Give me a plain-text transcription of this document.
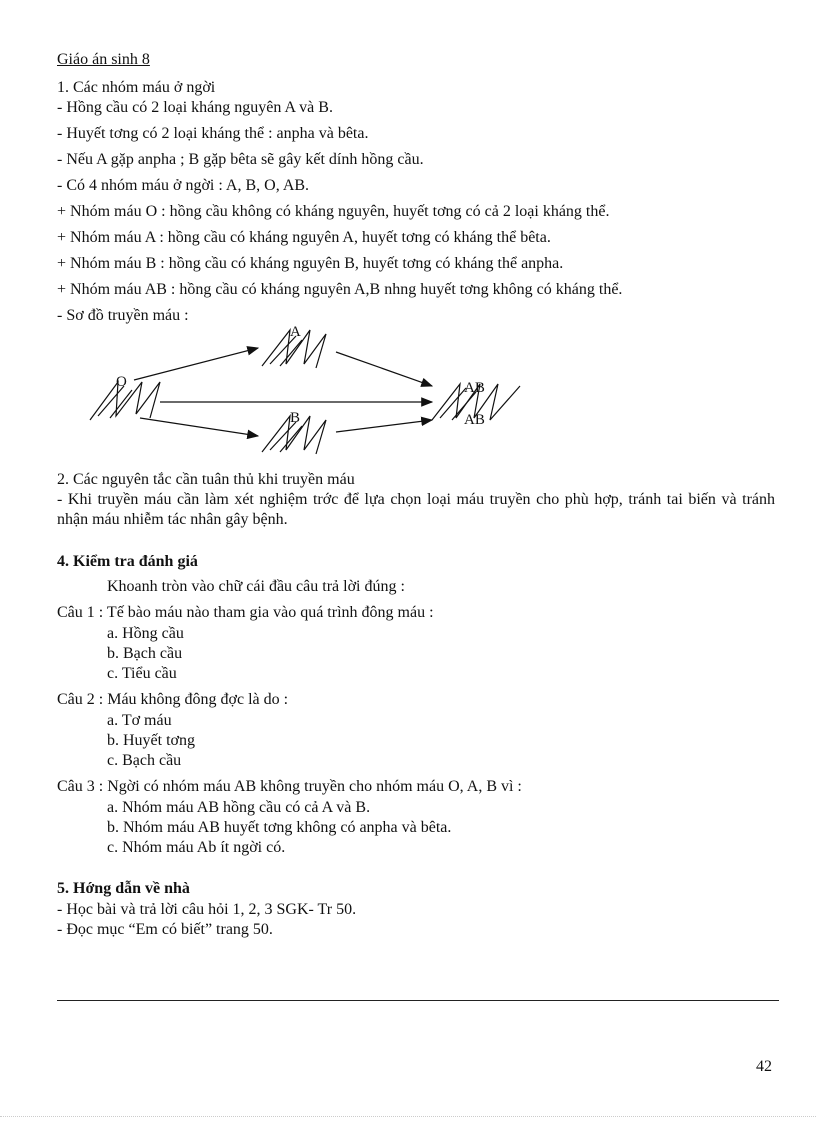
Giáo án sinh 8
1. Các nhóm máu ở ngời
- Hồng cầu có 2 loại kháng nguyên A và B.
- Huyết tơng có 2 loại kháng thể : anpha và bêta.
- Nếu A gặp anpha ; B gặp bêta sẽ gây kết dính hồng cầu.
- Có 4 nhóm máu ở ngời : A, B, O, AB.
+ Nhóm máu O : hồng cầu không có kháng nguyên, huyết tơng có cả 2 loại kháng thể.
+ Nhóm máu A : hồng cầu có kháng nguyên A, huyết tơng có kháng thể bêta.
+ Nhóm máu B : hồng cầu có kháng nguyên B, huyết tơng có kháng thể anpha.
+ Nhóm máu AB : hồng cầu có kháng nguyên A,B nhng huyết tơng không có kháng thể.
- Sơ đồ truyền máu :
O
A
B
AB
AB
2. Các nguyên tắc cần tuân thủ khi truyền máu
- Khi truyền máu cần làm xét nghiệm trớc để lựa chọn loại máu truyền cho phù hợp, tránh tai biến và tránh nhận máu nhiễm tác nhân gây bệnh.
4. Kiểm tra đánh giá
Khoanh tròn vào chữ cái đầu câu trả lời đúng :
Câu 1 : Tế bào máu nào tham gia vào quá trình đông máu :
a. Hồng cầu
b. Bạch cầu
c. Tiểu cầu
Câu 2 : Máu không đông đợc là do :
a. Tơ máu
b. Huyết tơng
c. Bạch cầu
Câu 3 : Ngời có nhóm máu AB không truyền cho nhóm máu O, A, B vì :
a. Nhóm máu AB hồng cầu có cả A và B.
b. Nhóm máu AB huyết tơng không có anpha và bêta.
c. Nhóm máu Ab ít ngời có.
5. Hớng dẫn về nhà
- Học bài và trả lời câu hỏi 1, 2, 3 SGK- Tr 50.
- Đọc mục “Em có biết” trang 50.
42
